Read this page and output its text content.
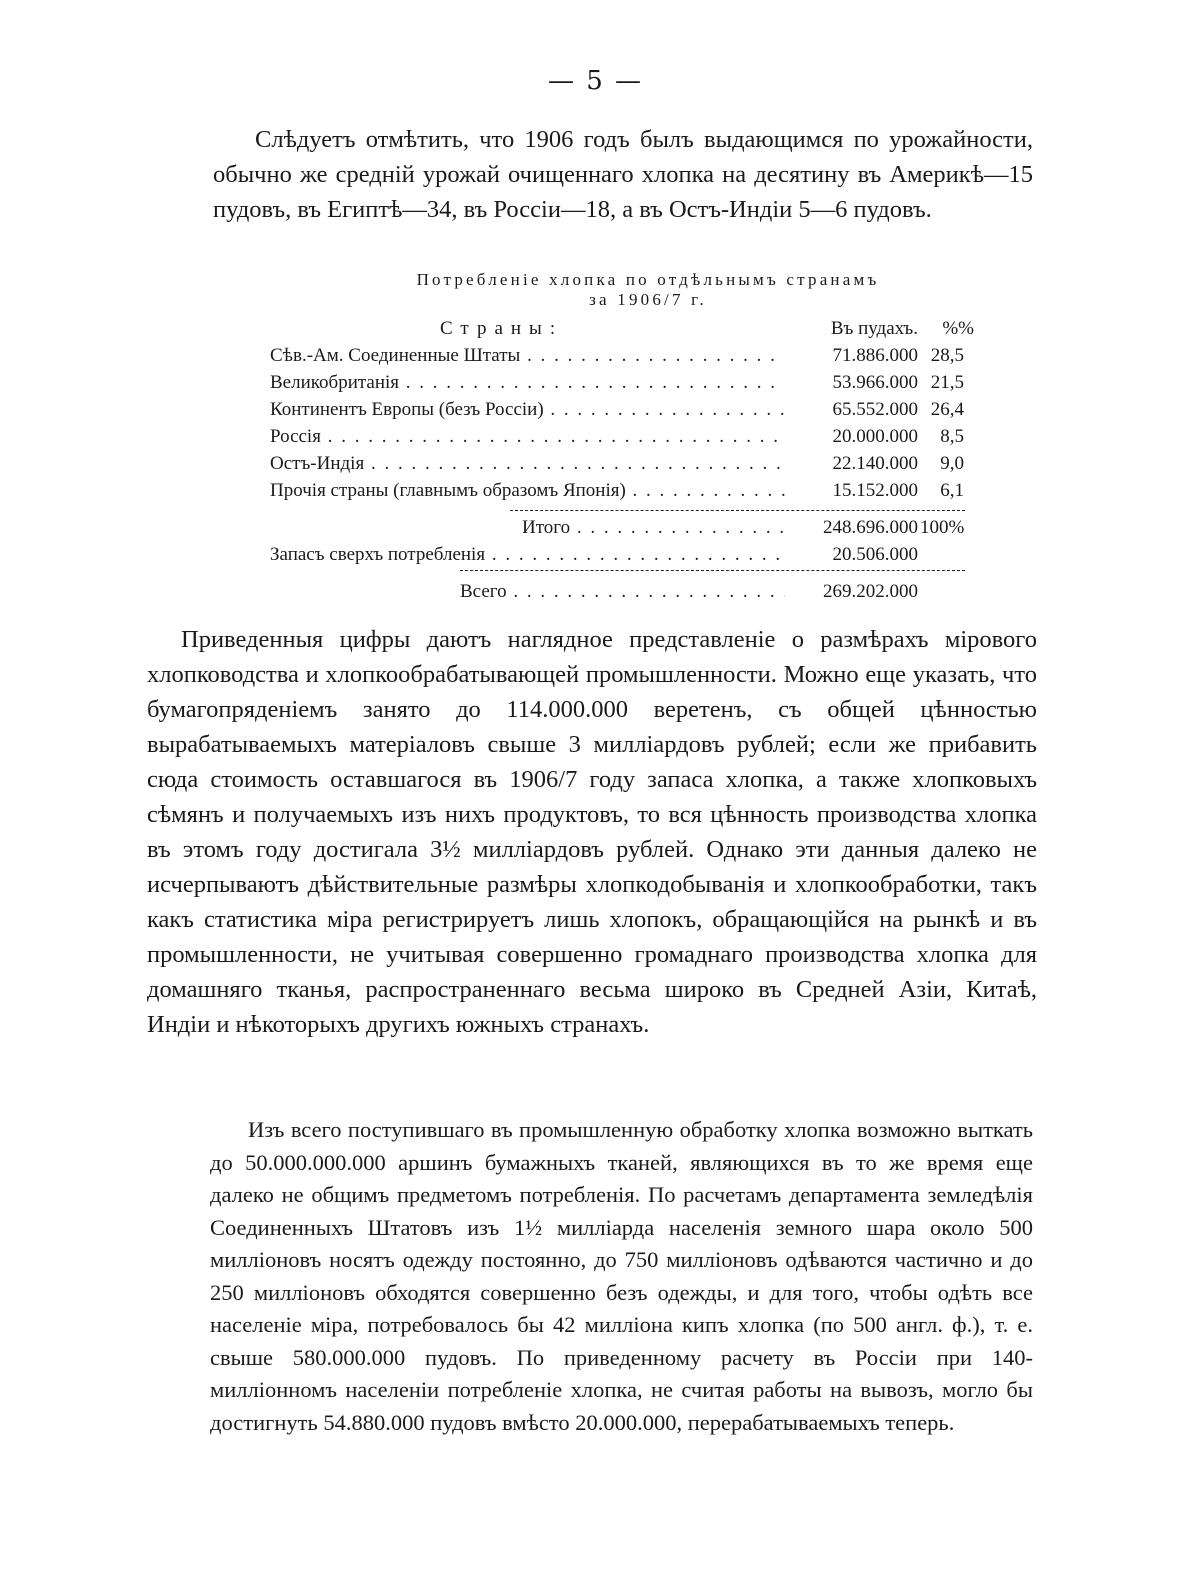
— 5 —
Слѣдуетъ отмѣтить, что 1906 годъ былъ выдающимся по урожайности, обычно же средній урожай очищеннаго хлопка на десятину въ Америкѣ—15 пудовъ, въ Египтѣ—34, въ Россіи—18, а въ Остъ-Индіи 5—6 пудовъ.
Потребленіе хлопка по отдѣльнымъ странамъ
за 1906/7 г.
Страны:	Въ пудахъ.	%%
Сѣв.-Ам. Соединенные Штаты . . .	71.886.000 28,5
Великобританія . . .	53.966.000 21,5
Континентъ Европы (безъ Россіи) . . .	65.552.000 26,4
Россія . . .	20.000.000	8,5
Остъ-Индія . . .	22.140.000	9,0
Прочія страны (главнымъ образомъ Японія) . . .	15.152.000	6,1
Итого . . .	248.696.000 100%
Запасъ сверхъ потребленія . . .	20.506.000
Всего . . .	269.202.000
Приведенныя цифры даютъ наглядное представленіе о размѣрахъ мірового хлопководства и хлопкообрабатывающей промышленности. Можно еще указать, что бумагопряденіемъ занято до 114.000.000 веретенъ, съ общей цѣнностью вырабатываемыхъ матеріаловъ свыше 3 милліардовъ рублей; если же прибавить сюда стоимость оставшагося въ 1906/7 году запаса хлопка, а также хлопковыхъ сѣмянъ и получаемыхъ изъ нихъ продуктовъ, то вся цѣнность производства хлопка въ этомъ году достигала 3½ милліардовъ рублей. Однако эти данныя далеко не исчерпываютъ дѣйствительные размѣры хлопкодобыванія и хлопкообработки, такъ какъ статистика міра регистрируетъ лишь хлопокъ, обращающійся на рынкѣ и въ промышленности, не учитывая совершенно громаднаго производства хлопка для домашняго тканья, распространеннаго весьма широко въ Средней Азіи, Китаѣ, Индіи и нѣкоторыхъ другихъ южныхъ странахъ.
Изъ всего поступившаго въ промышленную обработку хлопка возможно выткать до 50.000.000.000 аршинъ бумажныхъ тканей, являющихся въ то же время еще далеко не общимъ предметомъ потребленія. По расчетамъ департамента земледѣлія Соединенныхъ Штатовъ изъ 1½ милліарда населенія земного шара около 500 милліоновъ носятъ одежду постоянно, до 750 милліоновъ одѣваются частично и до 250 милліоновъ обходятся совершенно безъ одежды, и для того, чтобы одѣть все населеніе міра, потребовалось бы 42 милліона кипъ хлопка (по 500 англ. ф.), т. е. свыше 580.000.000 пудовъ. По приведенному расчету въ Россіи при 140-милліонномъ населеніи потребленіе хлопка, не считая работы на вывозъ, могло бы достигнуть 54.880.000 пудовъ вмѣсто 20.000.000, перерабатываемыхъ теперь.
